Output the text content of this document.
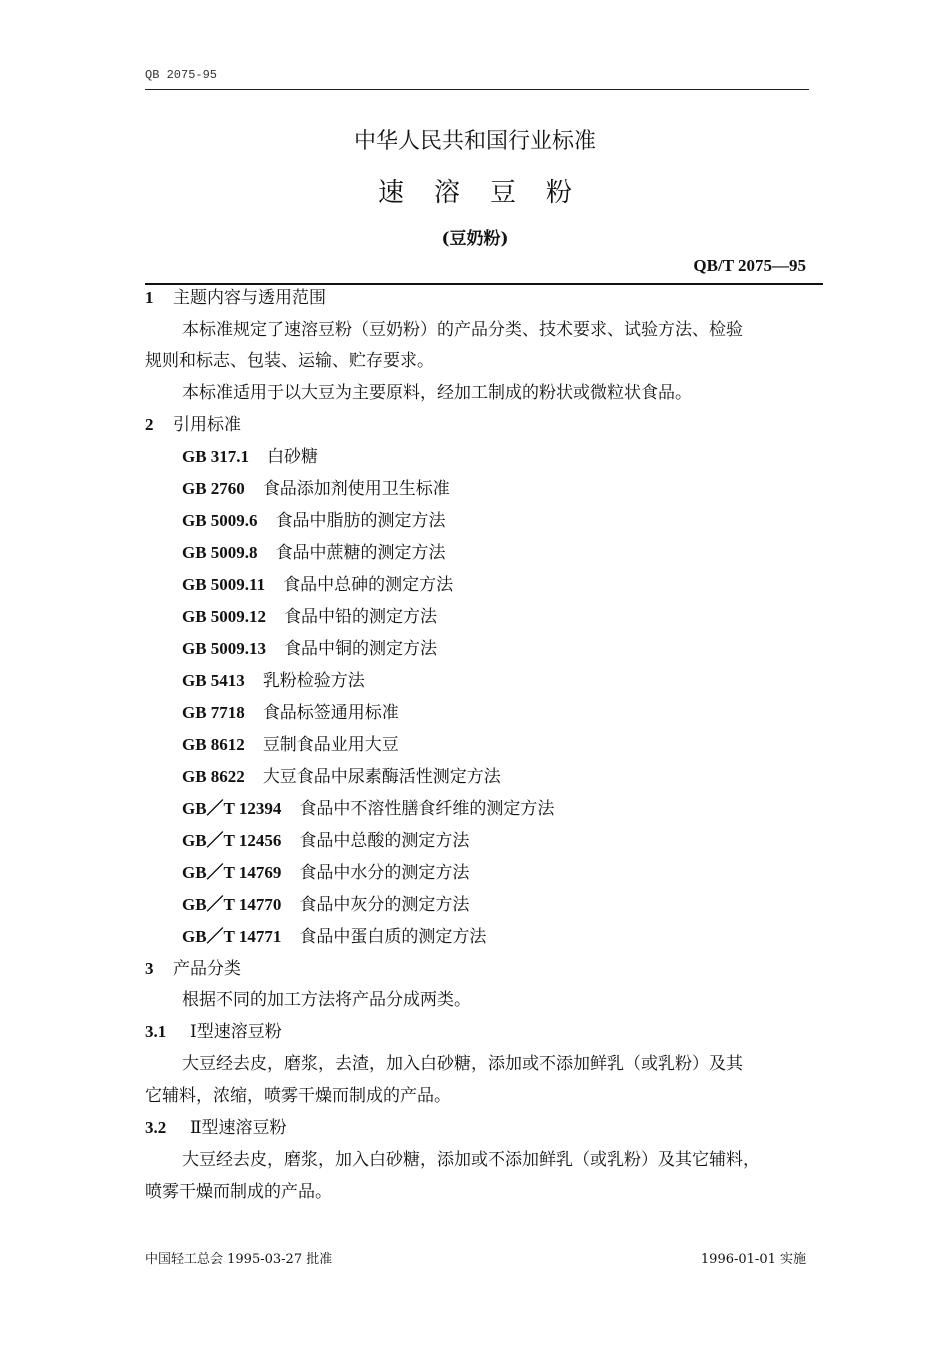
QB 2075-95
中华人民共和国行业标准
速溶豆粉
(豆奶粉)
QB/T 2075—95
1 主题内容与透用范围
本标准规定了速溶豆粉（豆奶粉）的产品分类、技术要求、试验方法、检验
规则和标志、包装、运输、贮存要求。
本标准适用于以大豆为主要原料，经加工制成的粉状或微粒状食品。
2 引用标准
GB 317.1 白砂糖
GB 2760 食品添加剂使用卫生标准
GB 5009.6 食品中脂肪的测定方法
GB 5009.8 食品中蔗糖的测定方法
GB 5009.11 食品中总砷的测定方法
GB 5009.12 食品中铅的测定方法
GB 5009.13 食品中铜的测定方法
GB 5413 乳粉检验方法
GB 7718 食品标签通用标准
GB 8612 豆制食品业用大豆
GB 8622 大豆食品中尿素酶活性测定方法
GB／T 12394 食品中不溶性膳食纤维的测定方法
GB／T 12456 食品中总酸的测定方法
GB／T 14769 食品中水分的测定方法
GB／T 14770 食品中灰分的测定方法
GB／T 14771 食品中蛋白质的测定方法
3 产品分类
根据不同的加工方法将产品分成两类。
3.1 Ⅰ型速溶豆粉
大豆经去皮，磨浆，去渣，加入白砂糖，添加或不添加鲜乳（或乳粉）及其
它辅料，浓缩，喷雾干燥而制成的产品。
3.2 Ⅱ型速溶豆粉
大豆经去皮，磨浆，加入白砂糖，添加或不添加鲜乳（或乳粉）及其它辅料，
喷雾干燥而制成的产品。
中国轻工总会 1995-03-27 批准	1996-01-01 实施
